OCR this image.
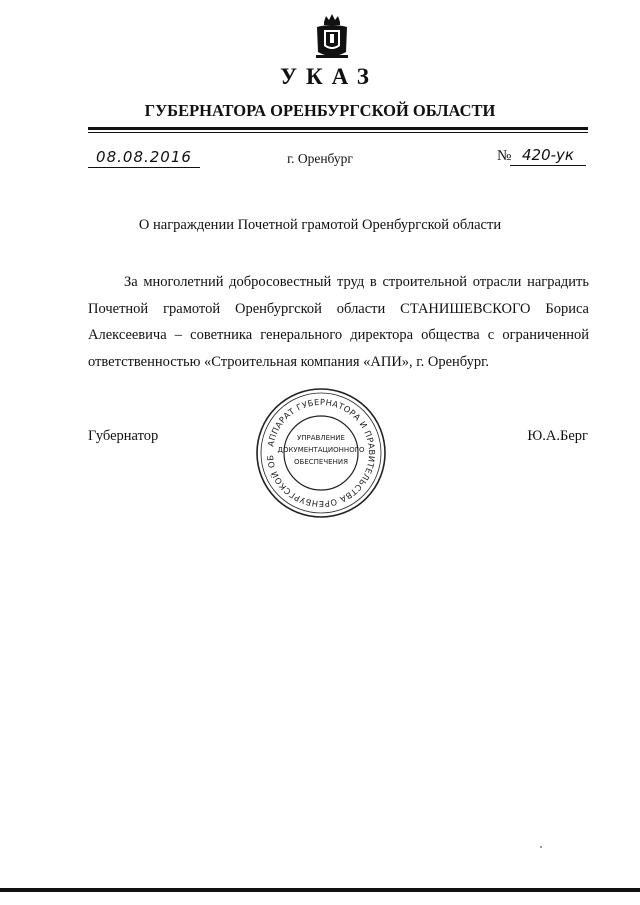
УКАЗ
ГУБЕРНАТОРА ОРЕНБУРГСКОЙ ОБЛАСТИ
08.08.2016	г. Оренбург	№ 420-ук
О награждении Почетной грамотой Оренбургской области

За многолетний добросовестный труд в строительной отрасли наградить Почетной грамотой Оренбургской области СТАНИШЕВСКОГО Бориса Алексеевича – советника генерального директора общества с ограниченной ответственностью «Строительная компания «АПИ», г. Оренбург.

Губернатор	Ю.А.Берг
АППАРАТ ГУБЕРНАТОРА И ПРАВИТЕЛЬСТВА ОРЕНБУРГСКОЙ ОБ
УПРАВЛЕНИЕ
ДОКУМЕНТАЦИОННОГО
ОБЕСПЕЧЕНИЯ
